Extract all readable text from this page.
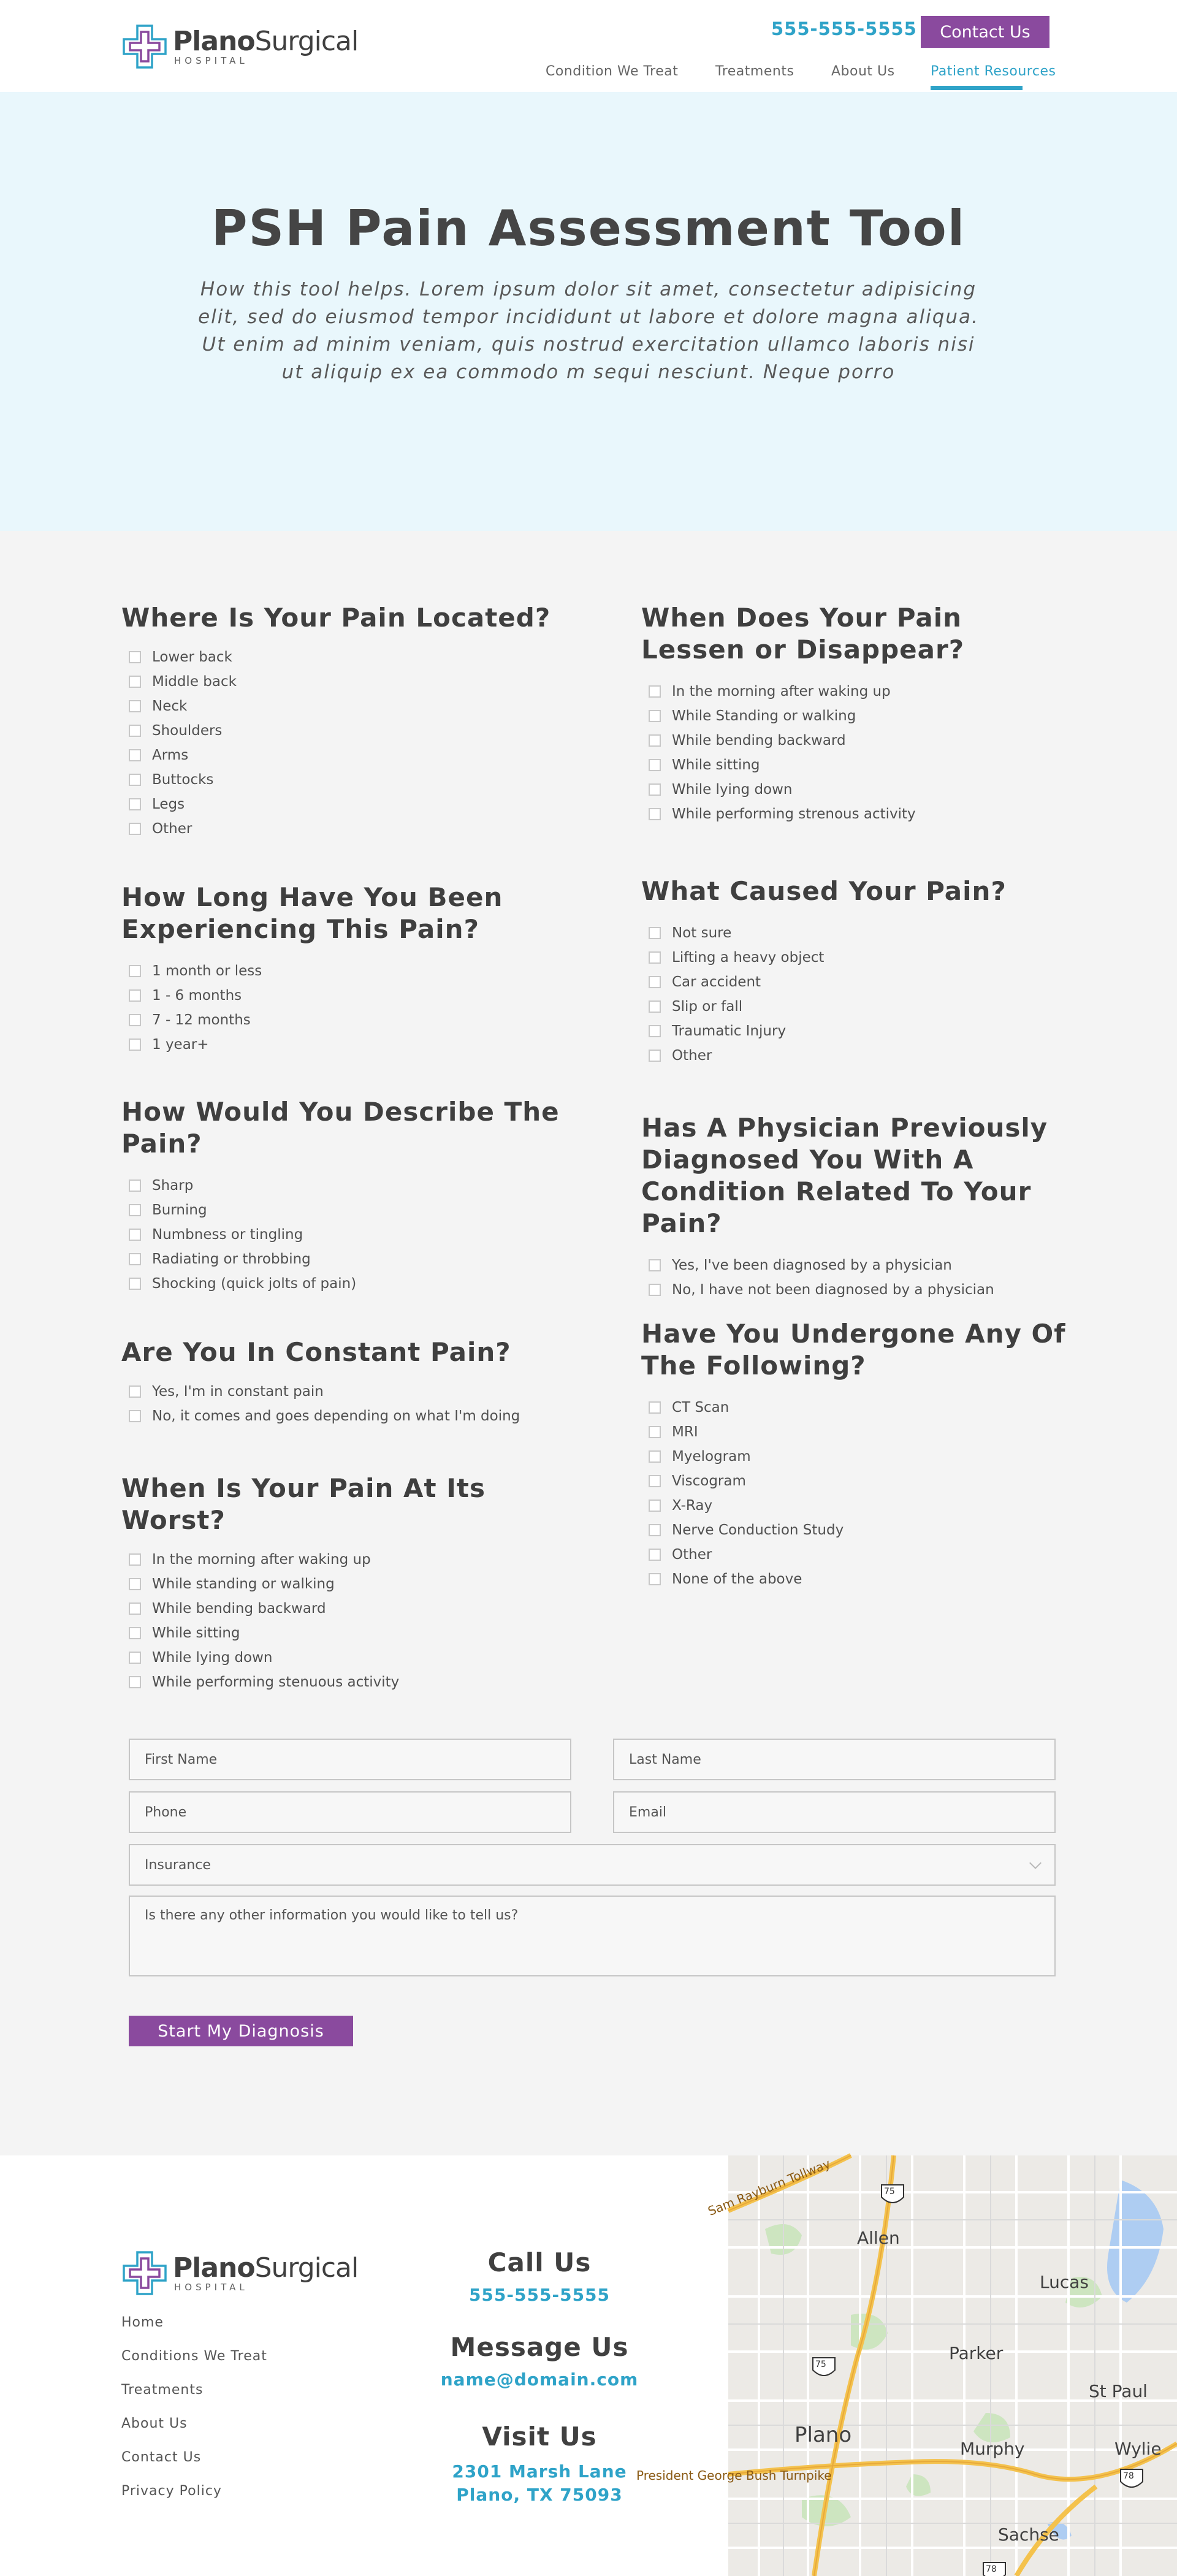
PlanoSurgical
HOSPITAL
555-555-5555	Contact Us
Condition We Treat	Treatments	About Us	Patient Resources
PSH Pain Assessment Tool

How this tool helps. Lorem ipsum dolor sit amet, consectetur adipisicing elit, sed do eiusmod tempor incididunt ut labore et dolore magna aliqua. Ut enim ad minim veniam, quis nostrud exercitation ullamco laboris nisi ut aliquip ex ea commodo m sequi nesciunt. Neque porro

Where Is Your Pain Located?
Lower back
Middle back
Neck
Shoulders
Arms
Buttocks
Legs
Other
How Long Have You Been Experiencing This Pain?
1 month or less
1 - 6 months
7 - 12 months
1 year+
How Would You Describe The Pain?
Sharp
Burning
Numbness or tingling
Radiating or throbbing
Shocking (quick jolts of pain)
Are You In Constant Pain?
Yes, I'm in constant pain
No, it comes and goes depending on what I'm doing
When Is Your Pain At Its Worst?
In the morning after waking up
While standing or walking
While bending backward
While sitting
While lying down
While performing stenuous activity
When Does Your Pain Lessen or Disappear?
In the morning after waking up
While Standing or walking
While bending backward
While sitting
While lying down
While performing strenous activity
What Caused Your Pain?
Not sure
Lifting a heavy object
Car accident
Slip or fall
Traumatic Injury
Other
Has A Physician Previously Diagnosed You With A Condition Related To Your Pain?
Yes, I've been diagnosed by a physician
No, I have not been diagnosed by a physician
Have You Undergone Any Of The Following?
CT Scan
MRI
Myelogram
Viscogram
X-Ray
Nerve Conduction Study
Other
None of the above
First Name
Last Name
Phone
Email
Insurance
Is there any other information you would like to tell us?
Start My Diagnosis
PlanoSurgical
HOSPITAL
Home
Conditions We Treat
Treatments
About Us
Contact Us
Privacy Policy
Call Us
555-555-5555
Message Us
name@domain.com
Visit Us
2301 Marsh Lane
Plano, TX 75093
75
75
78
78
Sam Rayburn Tollway
President George Bush Turnpike
Allen
Lucas
Parker
St Paul
Plano
Murphy	Wylie
Sachse
